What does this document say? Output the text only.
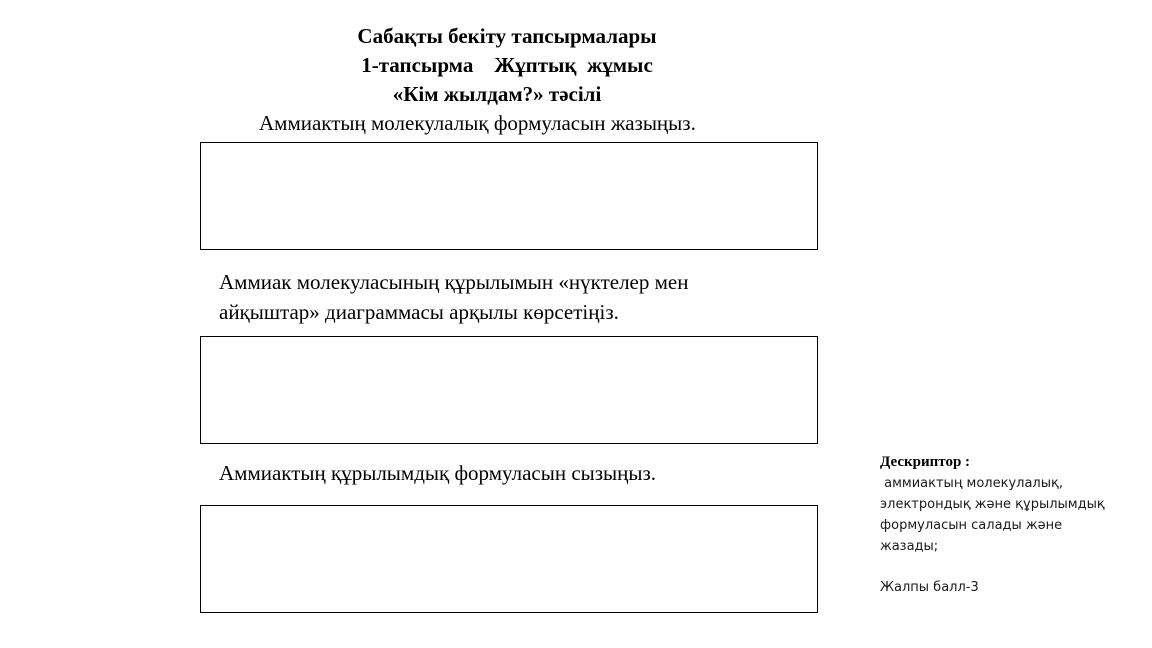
Сабақты бекіту тапсырмалары
1-тапсырма    Жұптық  жұмыс
«Кім жылдам?» тәсілі
Аммиактың молекулалық формуласын жазыңыз.
Аммиак молекуласының құрылымын «нүктелер мен
айқыштар» диаграммасы арқылы көрсетіңіз.
Аммиактың құрылымдық формуласын сызыңыз.	Дескриптор :
аммиактың молекулалық,
электрондық және құрылымдық
формуласын салады және
жазады;
Жалпы балл-3
